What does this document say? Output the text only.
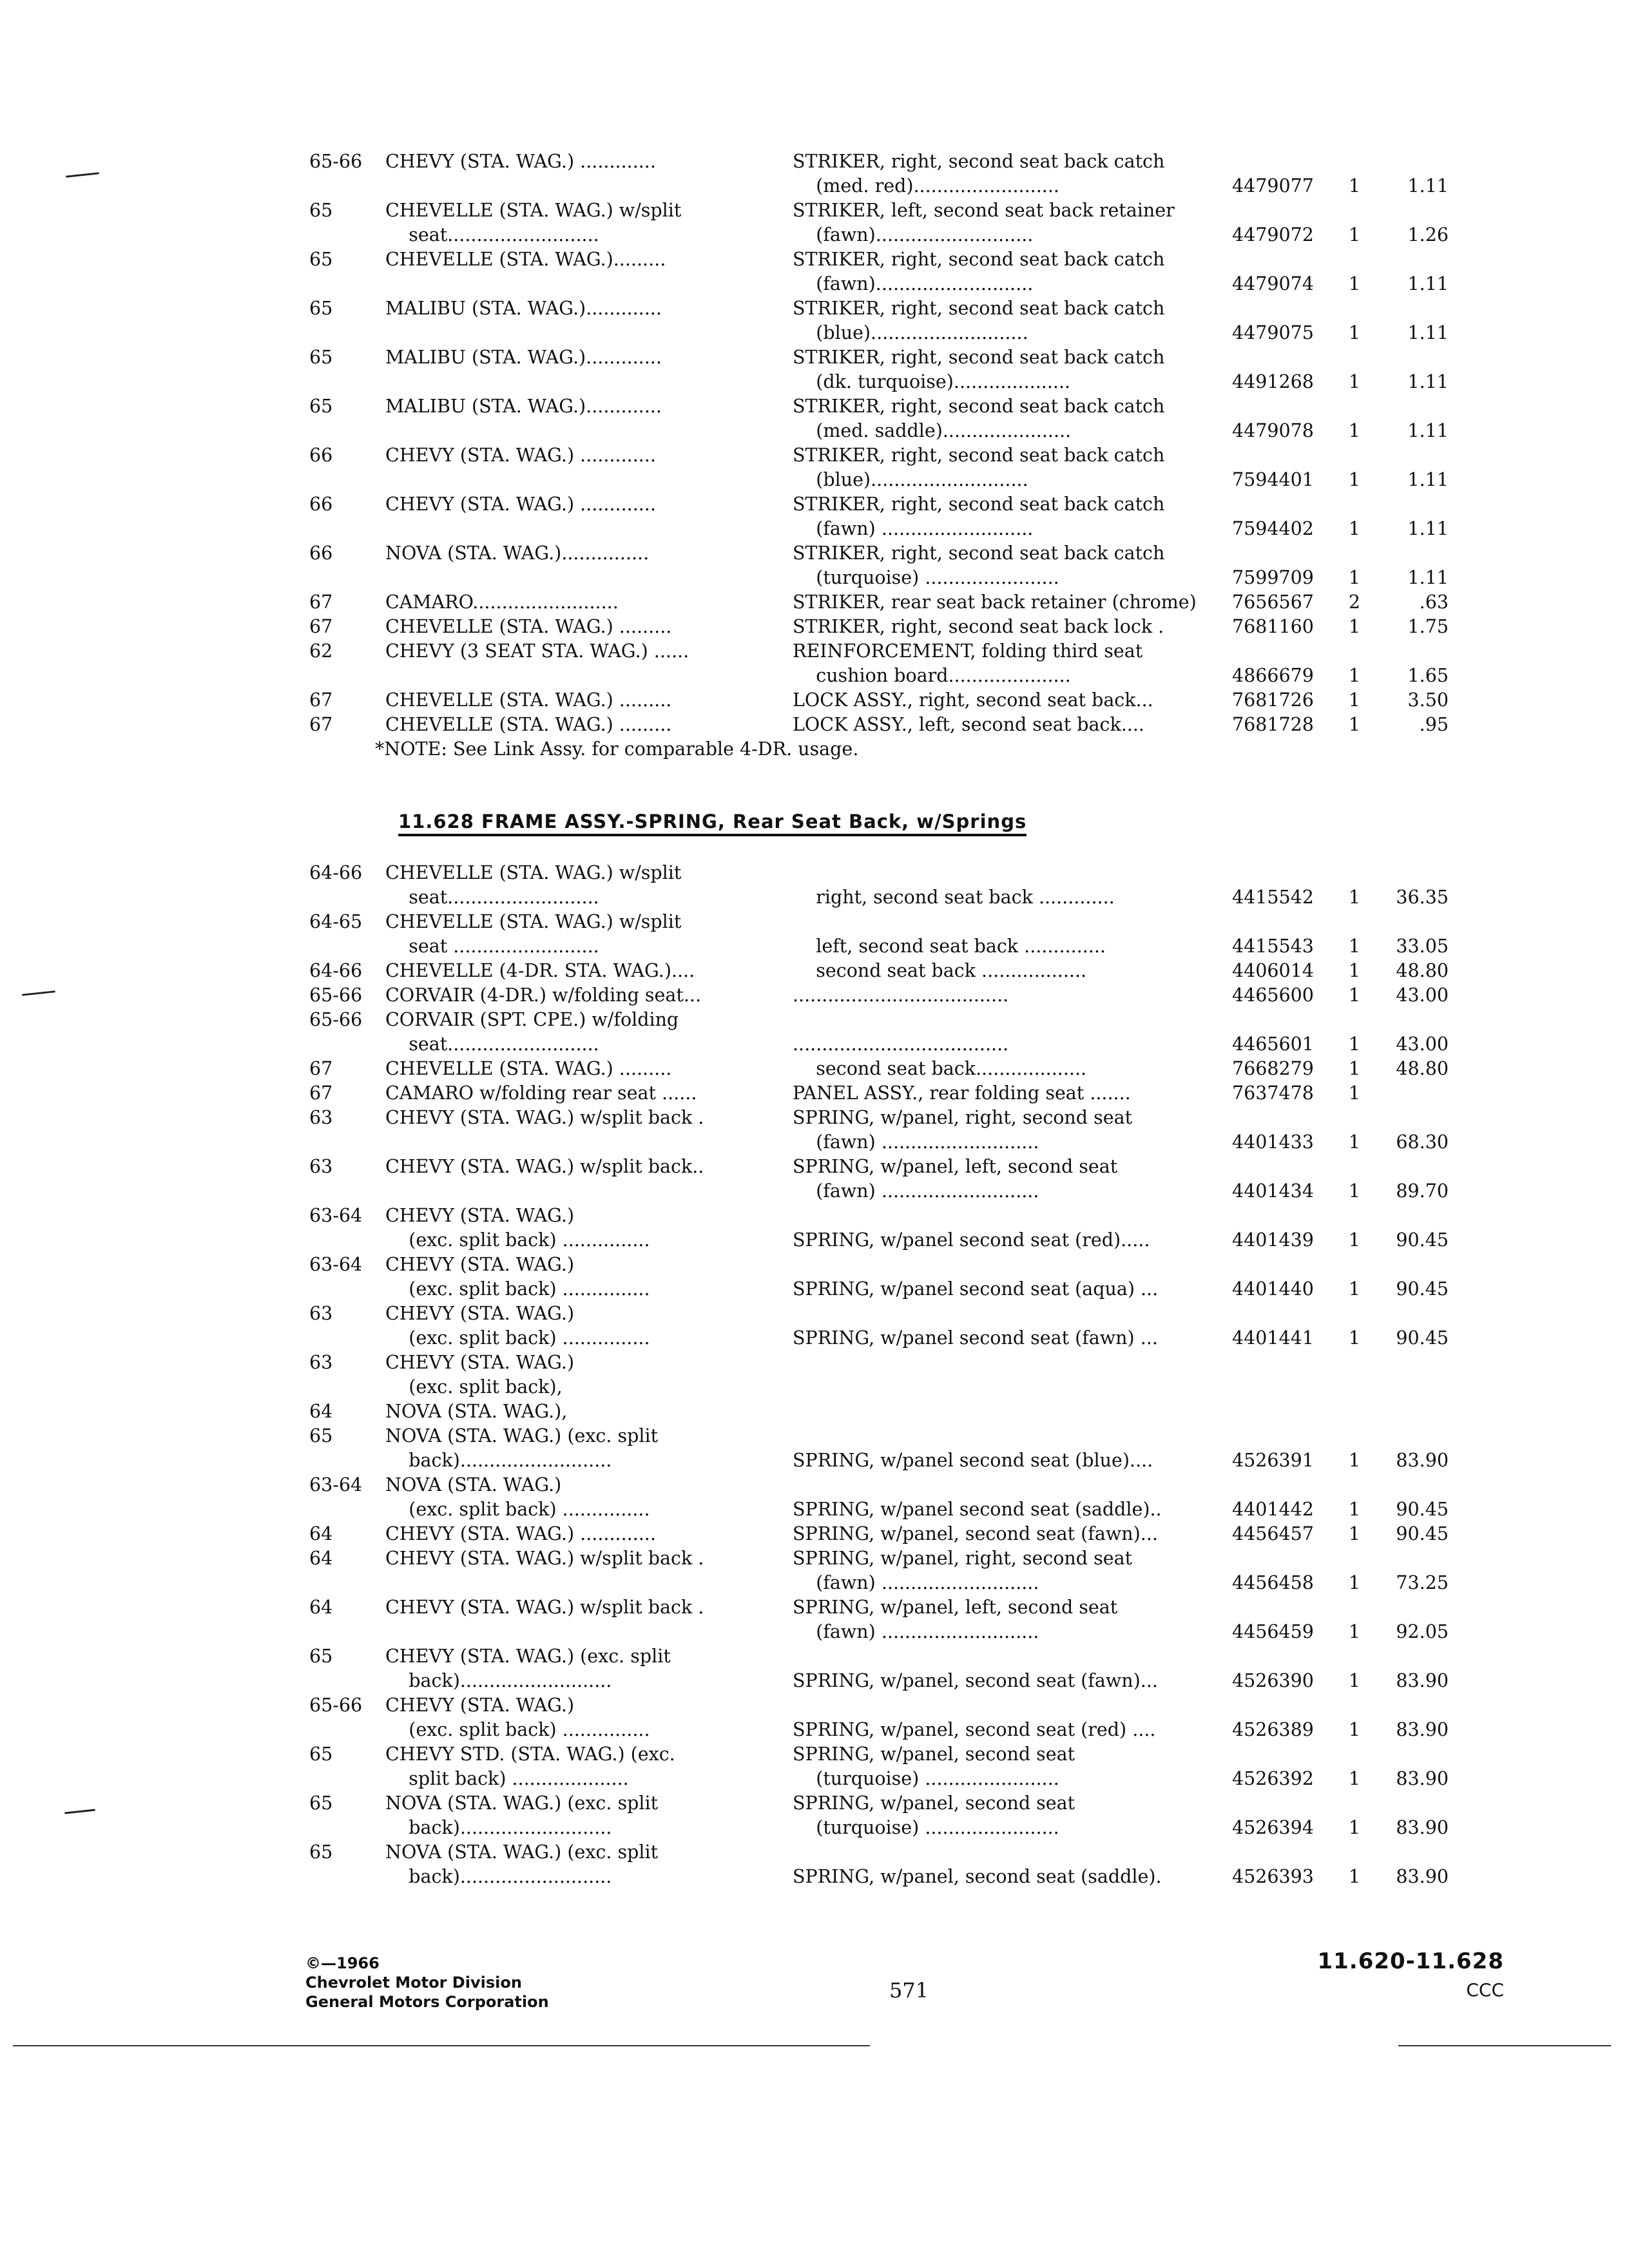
65-66	CHEVY (STA. WAG.) .............	STRIKER, right, second seat back catch
(med. red).........................	4479077	1	1.11
65	CHEVELLE (STA. WAG.) w/split	STRIKER, left, second seat back retainer
seat..........................	(fawn)...........................	4479072	1	1.26
65	CHEVELLE (STA. WAG.).........	STRIKER, right, second seat back catch
(fawn)...........................	4479074	1	1.11
65	MALIBU (STA. WAG.).............	STRIKER, right, second seat back catch
(blue)...........................	4479075	1	1.11
65	MALIBU (STA. WAG.).............	STRIKER, right, second seat back catch
(dk. turquoise)....................	4491268	1	1.11
65	MALIBU (STA. WAG.).............	STRIKER, right, second seat back catch
(med. saddle)......................	4479078	1	1.11
66	CHEVY (STA. WAG.) .............	STRIKER, right, second seat back catch
(blue)...........................	7594401	1	1.11
66	CHEVY (STA. WAG.) .............	STRIKER, right, second seat back catch
(fawn) ..........................	7594402	1	1.11
66	NOVA (STA. WAG.)...............	STRIKER, right, second seat back catch
(turquoise) .......................	7599709	1	1.11
67	CAMARO.........................	STRIKER, rear seat back retainer (chrome)	7656567	2	.63
67	CHEVELLE (STA. WAG.) .........	STRIKER, right, second seat back lock .	7681160	1	1.75
62	CHEVY (3 SEAT STA. WAG.) ......	REINFORCEMENT, folding third seat
cushion board.....................	4866679	1	1.65
67	CHEVELLE (STA. WAG.) .........	LOCK ASSY., right, second seat back...	7681726	1	3.50
67	CHEVELLE (STA. WAG.) .........	LOCK ASSY., left, second seat back....	7681728	1	.95
*NOTE: See Link Assy. for comparable 4-DR. usage.
11.628 FRAME ASSY.-SPRING, Rear Seat Back, w/Springs
64-66	CHEVELLE (STA. WAG.) w/split
seat..........................	right, second seat back .............	4415542	1	36.35
64-65	CHEVELLE (STA. WAG.) w/split
seat .........................	left, second seat back ..............	4415543	1	33.05
64-66	CHEVELLE (4-DR. STA. WAG.)....	second seat back ..................	4406014	1	48.80
65-66	CORVAIR (4-DR.) w/folding seat...	.....................................	4465600	1	43.00
65-66	CORVAIR (SPT. CPE.) w/folding
seat..........................	.....................................	4465601	1	43.00
67	CHEVELLE (STA. WAG.) .........	second seat back...................	7668279	1	48.80
67	CAMARO w/folding rear seat ......	PANEL ASSY., rear folding seat .......	7637478	1
63	CHEVY (STA. WAG.) w/split back .	SPRING, w/panel, right, second seat
(fawn) ...........................	4401433	1	68.30
63	CHEVY (STA. WAG.) w/split back..	SPRING, w/panel, left, second seat
(fawn) ...........................	4401434	1	89.70
63-64	CHEVY (STA. WAG.)
(exc. split back) ...............	SPRING, w/panel second seat (red).....	4401439	1	90.45
63-64	CHEVY (STA. WAG.)
(exc. split back) ...............	SPRING, w/panel second seat (aqua) ...	4401440	1	90.45
63	CHEVY (STA. WAG.)
(exc. split back) ...............	SPRING, w/panel second seat (fawn) ...	4401441	1	90.45
63	CHEVY (STA. WAG.)
(exc. split back),
64	NOVA (STA. WAG.),
65	NOVA (STA. WAG.) (exc. split
back)..........................	SPRING, w/panel second seat (blue)....	4526391	1	83.90
63-64	NOVA (STA. WAG.)
(exc. split back) ...............	SPRING, w/panel second seat (saddle)..	4401442	1	90.45
64	CHEVY (STA. WAG.) .............	SPRING, w/panel, second seat (fawn)...	4456457	1	90.45
64	CHEVY (STA. WAG.) w/split back .	SPRING, w/panel, right, second seat
(fawn) ...........................	4456458	1	73.25
64	CHEVY (STA. WAG.) w/split back .	SPRING, w/panel, left, second seat
(fawn) ...........................	4456459	1	92.05
65	CHEVY (STA. WAG.) (exc. split
back)..........................	SPRING, w/panel, second seat (fawn)...	4526390	1	83.90
65-66	CHEVY (STA. WAG.)
(exc. split back) ...............	SPRING, w/panel, second seat (red) ....	4526389	1	83.90
65	CHEVY STD. (STA. WAG.) (exc.	SPRING, w/panel, second seat
split back) ....................	(turquoise) .......................	4526392	1	83.90
65	NOVA (STA. WAG.) (exc. split	SPRING, w/panel, second seat
back)..........................	(turquoise) .......................	4526394	1	83.90
65	NOVA (STA. WAG.) (exc. split
back)..........................	SPRING, w/panel, second seat (saddle).	4526393	1	83.90
©—1966
Chevrolet Motor Division
General Motors Corporation	571
11.620-11.628
CCC
